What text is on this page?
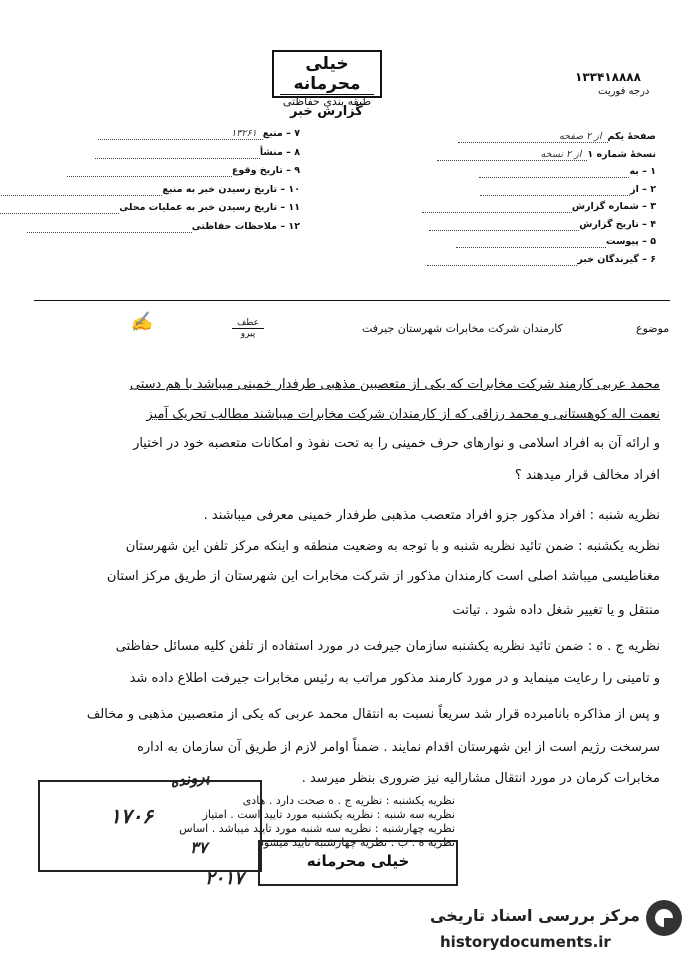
خیلی محرمانه
طبقه بندی حفاظتی
گزارش خبر
۱۳۳۴۱۸۸۸۸
درجه فوریت
صفحهٔ یکماز ۲ صفحه
نسخهٔ شماره ۱از ۲ نسخه
۱ – به
۲ – از
۳ – شماره گزارش
۴ – تاریخ گزارش
۵ – پیوست
۶ – گیرندگان خبر
۷ – منبع۱۳۲۶۱
۸ – منشأ
۹ – تاریخ وقوع
۱۰ – تاریخ رسیدن خبر به منبع
۱۱ – تاریخ رسیدن خبر به عملیات محلی
۱۲ – ملاحظات حفاظتی
موضوع
کارمندان شرکت مخابرات شهرستان جیرفت
عطف
پیرو
✍
محمد عربی کارمند شرکت مخابرات که یکی از متعصبین مذهبی طرفدار خمینی میباشد با هم دستی
نعمت اله کوهستانی و محمد رزاقی که از کارمندان شرکت مخابرات میباشند مطالب تحریک آمیز
و ارائه آن به افراد اسلامی و نوارهای حرف خمینی را به تحت نفوذ و امکانات متعصبه خود در اختیار
افراد مخالف قرار میدهند ؟
نظریه شنبه : افراد مذکور جزو افراد متعصب مذهبی طرفدار خمینی معرفی میباشند .
نظریه یکشنبه : ضمن تائید نظریه شنبه و با توجه به وضعیت منطقه و اینکه مرکز تلفن این شهرستان
مغناطیسی میباشد اصلی است کارمندان مذکور از شرکت مخابرات این شهرستان از طریق مرکز استان
منتقل و یا تغییر شغل داده شود . تیاتت
نظریه ج . ه : ضمن تائید نظریه یکشنبه سازمان جیرفت در مورد استفاده از تلفن کلیه مسائل حفاظتی
و تامینی را رعایت مینماید و در مورد کارمند مذکور مراتب به رئیس مخابرات جیرفت اطلاع داده شد
و پس از مذاکره بانامبرده قرار شد سریعاً نسبت به انتقال محمد عربی که یکی از متعصبین مذهبی و مخالف
سرسخت رژیم است از این شهرستان اقدام نمایند . ضمناً اوامر لازم از طریق آن سازمان به اداره
مخابرات کرمان در مورد انتقال مشارالیه نیز ضروری بنظر میرسد .
نظریه یکشنبه : نظریه ج . ه صحت دارد . هادی
نظریه سه شنبه : نظریه یکشنبه مورد تایید است . امتیاز
نظریه چهارشنبه : نظریه سه شنبه مورد تایید میباشد . اساس
نظریه ه . ب : نظریه چهارشنبه تایید میشود
۱۷۰۶
۳۷
پرونده
۲۰۱۷
خیلی محرمانه
مرکز بررسی اسناد تاریخی
historydocuments.ir
